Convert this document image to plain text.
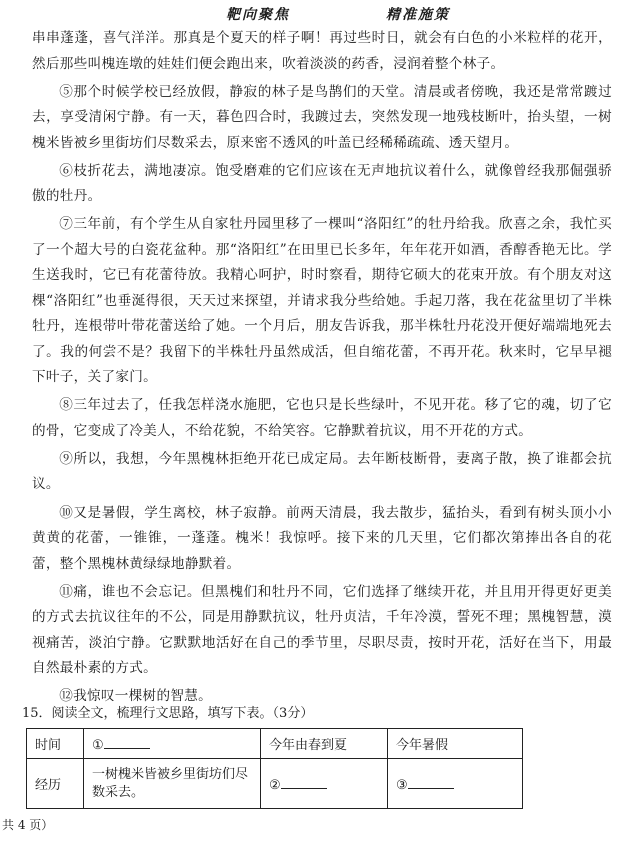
靶向聚焦	精准施策

串串蓬蓬，喜气洋洋。那真是个夏天的样子啊！再过些时日，就会有白色的小米粒样的花开，然后那些叫槐连墩的娃娃们便会跑出来，吹着淡淡的药香，浸润着整个林子。

⑤那个时候学校已经放假，静寂的林子是鸟鹊们的天堂。清晨或者傍晚，我还是常常踱过去，享受清闲宁静。有一天，暮色四合时，我踱过去，突然发现一地残枝断叶，抬头望，一树槐米皆被乡里街坊们尽数采去，原来密不透风的叶盖已经稀稀疏疏、透天望月。

⑥枝折花去，满地凄凉。饱受磨难的它们应该在无声地抗议着什么，就像曾经我那倔强骄傲的牡丹。

⑦三年前，有个学生从自家牡丹园里移了一棵叫“洛阳红”的牡丹给我。欣喜之余，我忙买了一个超大号的白瓷花盆种。那“洛阳红”在田里已长多年，年年花开如酒，香醇香艳无比。学生送我时，它已有花蕾待放。我精心呵护，时时察看，期待它硕大的花束开放。有个朋友对这棵“洛阳红”也垂涎得很，天天过来探望，并请求我分些给她。手起刀落，我在花盆里切了半株牡丹，连根带叶带花蕾送给了她。一个月后，朋友告诉我，那半株牡丹花没开便好端端地死去了。我的何尝不是？我留下的半株牡丹虽然成活，但自缩花蕾，不再开花。秋来时，它早早褪下叶子，关了家门。

⑧三年过去了，任我怎样浇水施肥，它也只是长些绿叶，不见开花。移了它的魂，切了它的骨，它变成了冷美人，不给花貌，不给笑容。它静默着抗议，用不开花的方式。

⑨所以，我想，今年黑槐林拒绝开花已成定局。去年断枝断骨，妻离子散，换了谁都会抗议。

⑩又是暑假，学生离校，林子寂静。前两天清晨，我去散步，猛抬头，看到有树头顶小小黄黄的花蕾，一锥锥，一蓬蓬。槐米！我惊呼。接下来的几天里，它们都次第捧出各自的花蕾，整个黑槐林黄绿绿地静默着。

⑪痛，谁也不会忘记。但黑槐们和牡丹不同，它们选择了继续开花，并且用开得更好更美的方式去抗议往年的不公，同是用静默抗议，牡丹贞洁，千年冷漠，誓死不理；黑槐智慧，漠视痛苦，淡泊宁静。它默默地活好在自己的季节里，尽职尽责，按时开花，活好在当下，用最自然最朴素的方式。

⑫我惊叹一棵树的智慧。

15．阅读全文，梳理行文思路，填写下表。（3分）
时间	①	今年由春到夏	今年暑假
经历	一树槐米皆被乡里街坊们尽数采去。	②	③
共 4 页）
